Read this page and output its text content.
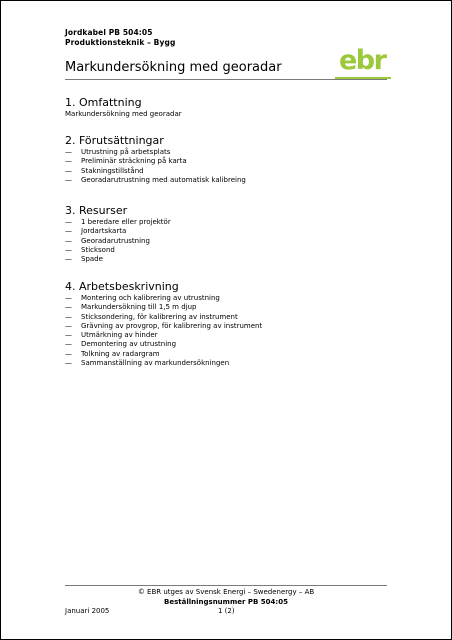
Jordkabel PB 504:05
Produktionsteknik – Bygg
ebr
Markundersökning med georadar
1. Omfattning
Markundersökning med georadar
2. Förutsättningar
—	Utrustning på arbetsplats
—	Preliminär sträckning på karta
—	Stakningstillstånd
—	Georadarutrustning med automatisk kalibreing
3. Resurser
—	1 beredare eller projektör
—	Jordartskarta
—	Georadarutrustning
—	Sticksond
—	Spade
4. Arbetsbeskrivning
—	Montering och kalibrering av utrustning
—	Markundersökning till 1,5 m djup
—	Sticksondering, för kalibrering av instrument
—	Grävning av provgrop, för kalibrering av instrument
—	Utmärkning av hinder
—	Demontering av utrustning
—	Tolkning av radargram
—	Sammanställning av markundersökningen
© EBR utges av Svensk Energi – Swedenergy – AB
Beställningsnummer PB 504:05
Januari 2005	1 (2)
